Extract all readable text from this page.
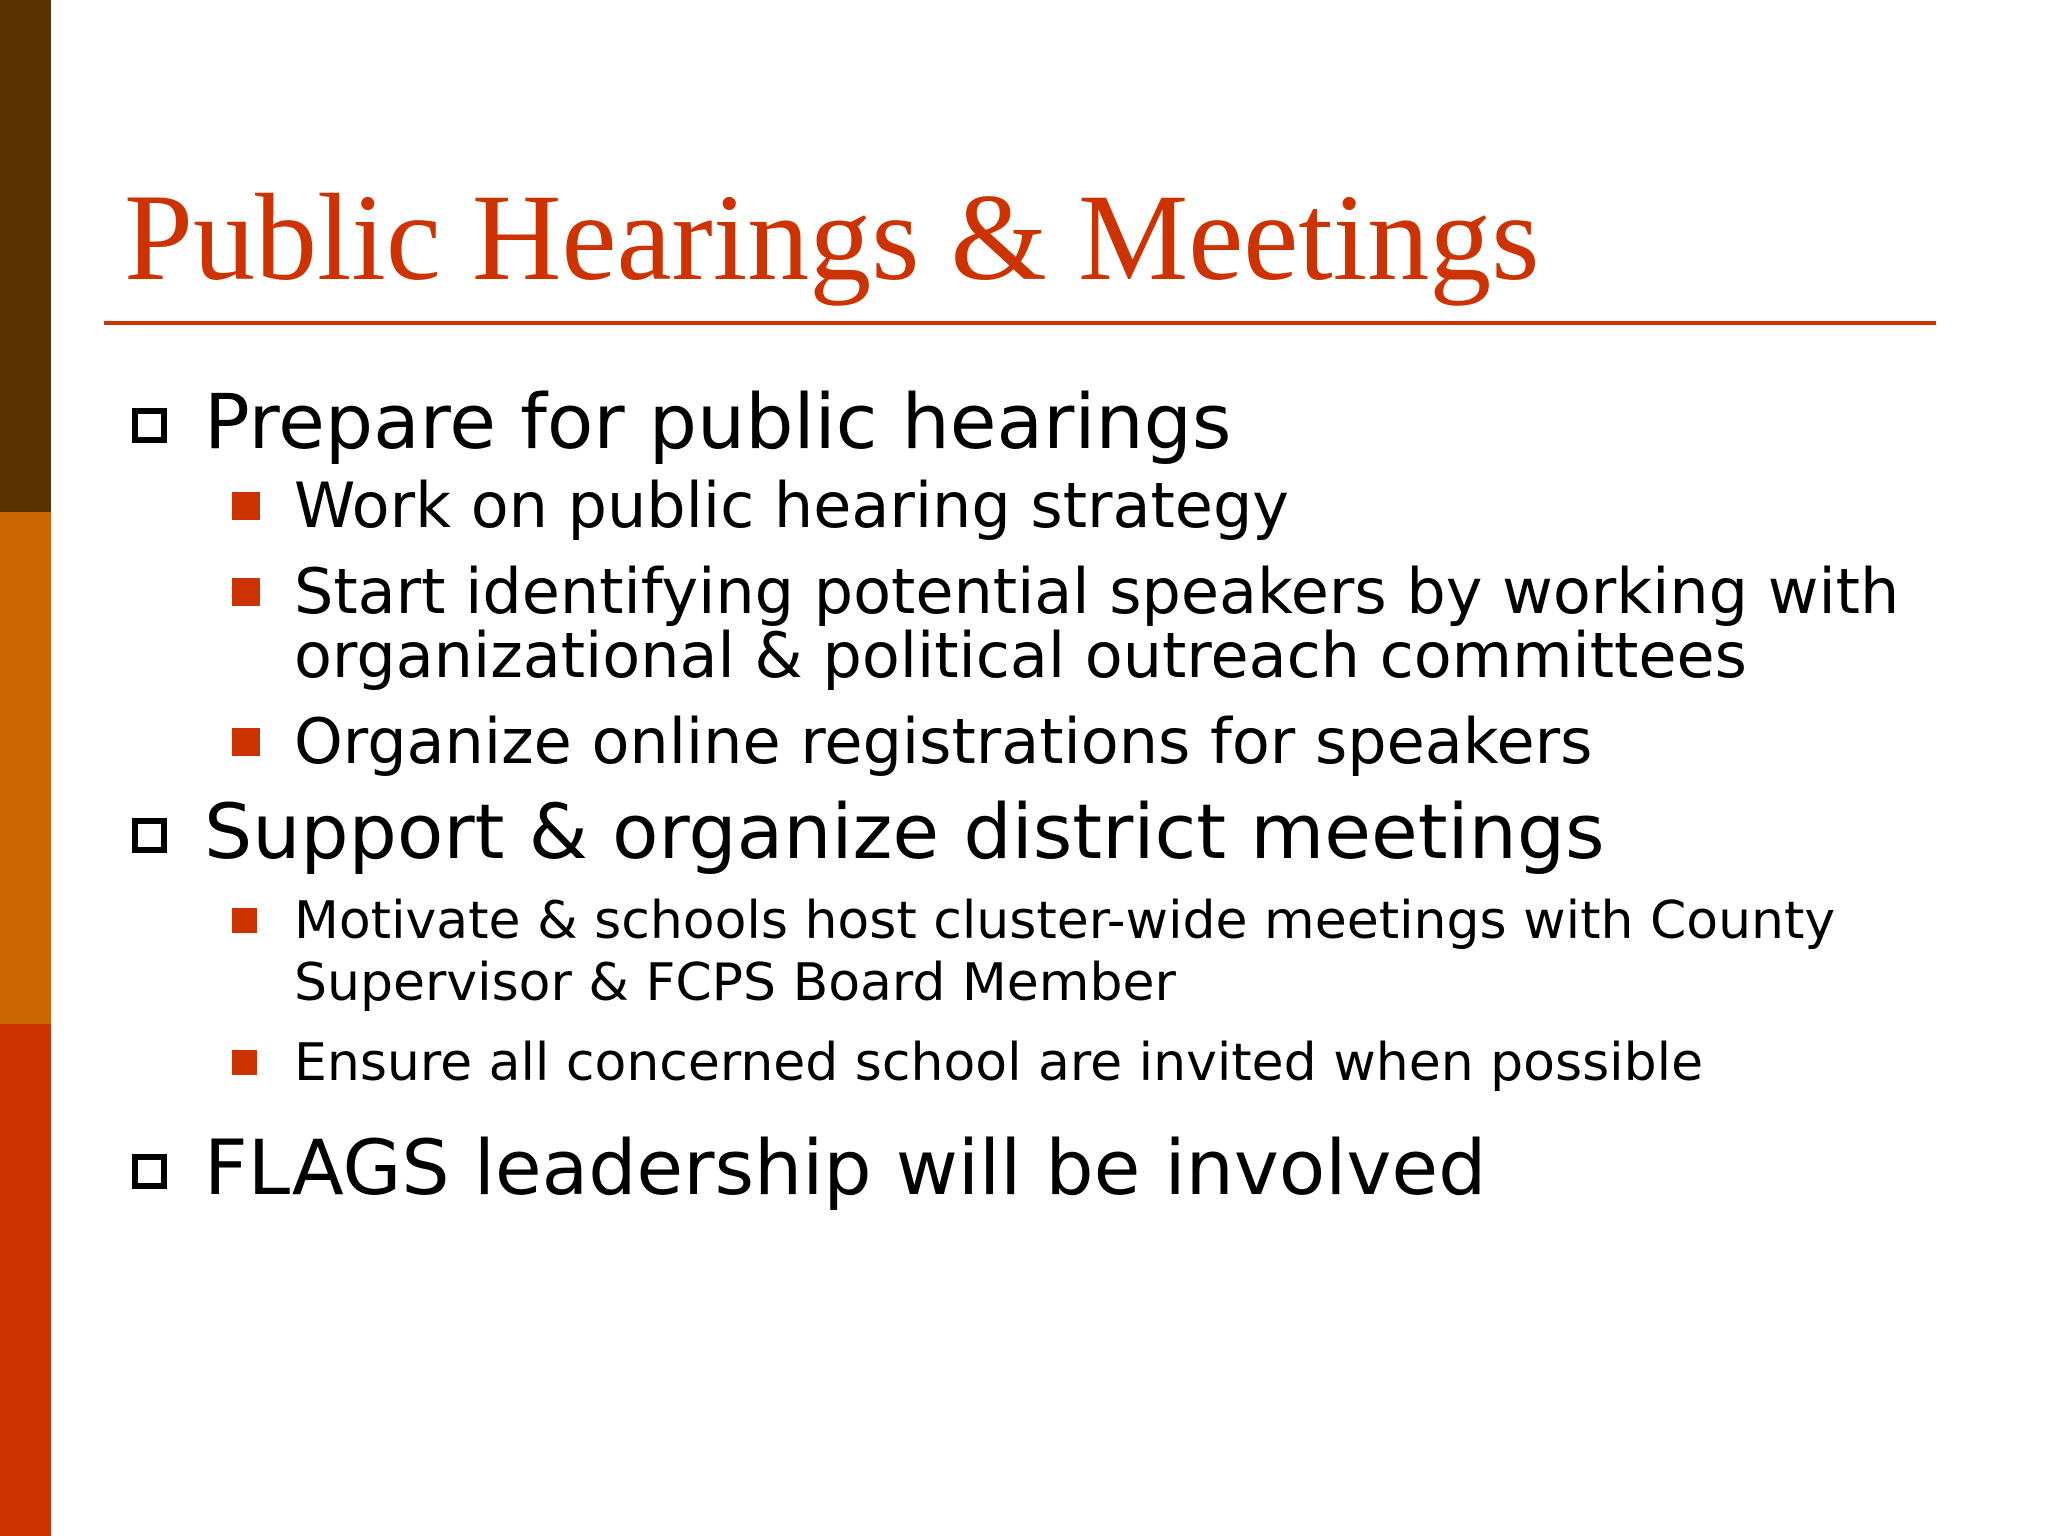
Public Hearings & Meetings
Prepare for public hearings
Work on public hearing strategy
Start identifying potential speakers by working with organizational & political outreach committees
Organize online registrations for speakers
Support & organize district meetings
Motivate & schools host cluster-wide meetings with County Supervisor & FCPS Board Member
Ensure all concerned school are invited when possible
FLAGS leadership will be involved
